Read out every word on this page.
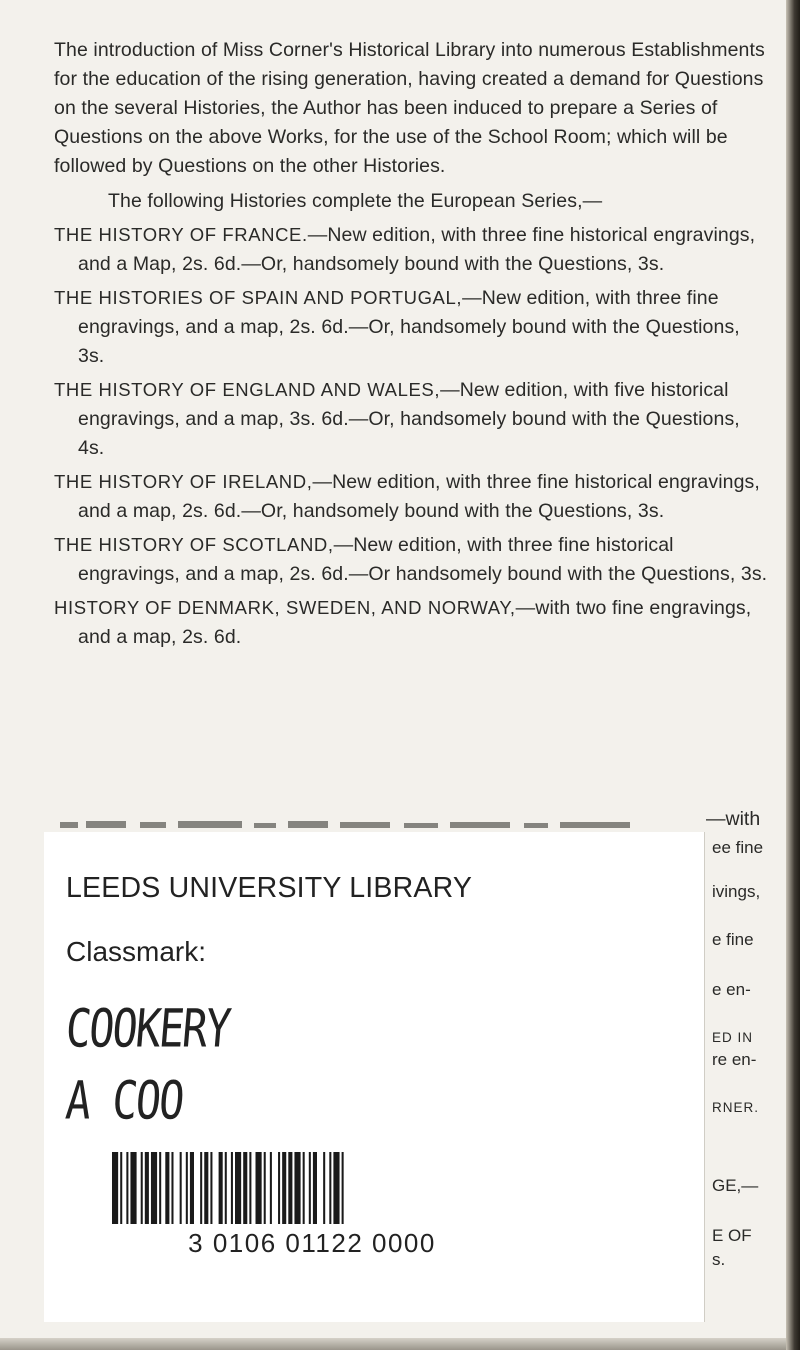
The introduction of Miss Corner's Historical Library into numerous Establishments for the education of the rising generation, having created a demand for Questions on the several Histories, the Author has been induced to prepare a Series of Questions on the above Works, for the use of the School Room; which will be followed by Questions on the other Histories.

The following Histories complete the European Series,—

THE HISTORY OF FRANCE.—New edition, with three fine historical engravings, and a Map, 2s. 6d.—Or, handsomely bound with the Questions, 3s.

THE HISTORIES OF SPAIN AND PORTUGAL,—New edition, with three fine engravings, and a map, 2s. 6d.—Or, handsomely bound with the Questions, 3s.

THE HISTORY OF ENGLAND AND WALES,—New edition, with five historical engravings, and a map, 3s. 6d.—Or, handsomely bound with the Questions, 4s.

THE HISTORY OF IRELAND,—New edition, with three fine historical engravings, and a map, 2s. 6d.—Or, handsomely bound with the Questions, 3s.

THE HISTORY OF SCOTLAND,—New edition, with three fine historical engravings, and a map, 2s. 6d.—Or handsomely bound with the Questions, 3s.

HISTORY OF DENMARK, SWEDEN, AND NORWAY,—with two fine engravings, and a map, 2s. 6d.

—with
LEEDS UNIVERSITY LIBRARY
Classmark:
COOKERY
A COO
3 0106 01122 0000
ee fine
ivings,
e fine
e en-
ED IN
re en-
RNER.
GE,—
E OF
s.
